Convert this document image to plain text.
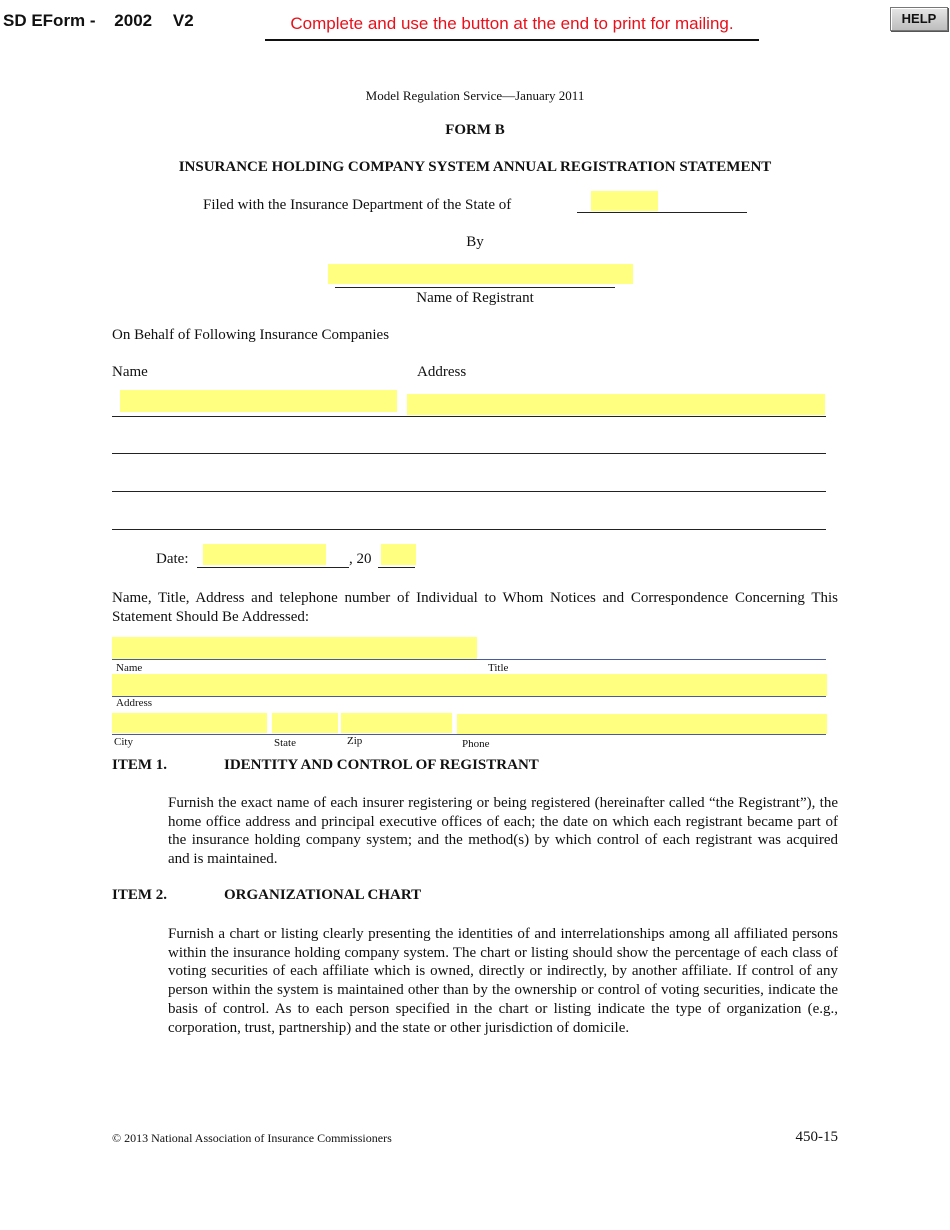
SD EForm - 2002 V2	Complete and use the button at the end to print for mailing.	HELP
Model Regulation Service—January 2011
FORM B
INSURANCE HOLDING COMPANY SYSTEM ANNUAL REGISTRATION STATEMENT
Filed with the Insurance Department of the State of
By
Name of Registrant
On Behalf of Following Insurance Companies
Name	Address
Date:	, 20
Name, Title, Address and telephone number of Individual to Whom Notices and Correspondence Concerning This Statement Should Be Addressed:
Name	Title
Address
City	State	Zip	Phone
ITEM 1.	IDENTITY AND CONTROL OF REGISTRANT
Furnish the exact name of each insurer registering or being registered (hereinafter called “the Registrant”), the home office address and principal executive offices of each; the date on which each registrant became part of the insurance holding company system; and the method(s) by which control of each registrant was acquired and is maintained.
ITEM 2.	ORGANIZATIONAL CHART
Furnish a chart or listing clearly presenting the identities of and interrelationships among all affiliated persons within the insurance holding company system. The chart or listing should show the percentage of each class of voting securities of each affiliate which is owned, directly or indirectly, by another affiliate. If control of any person within the system is maintained other than by the ownership or control of voting securities, indicate the basis of control. As to each person specified in the chart or listing indicate the type of organization (e.g., corporation, trust, partnership) and the state or other jurisdiction of domicile.
© 2013 National Association of Insurance Commissioners	450-15
